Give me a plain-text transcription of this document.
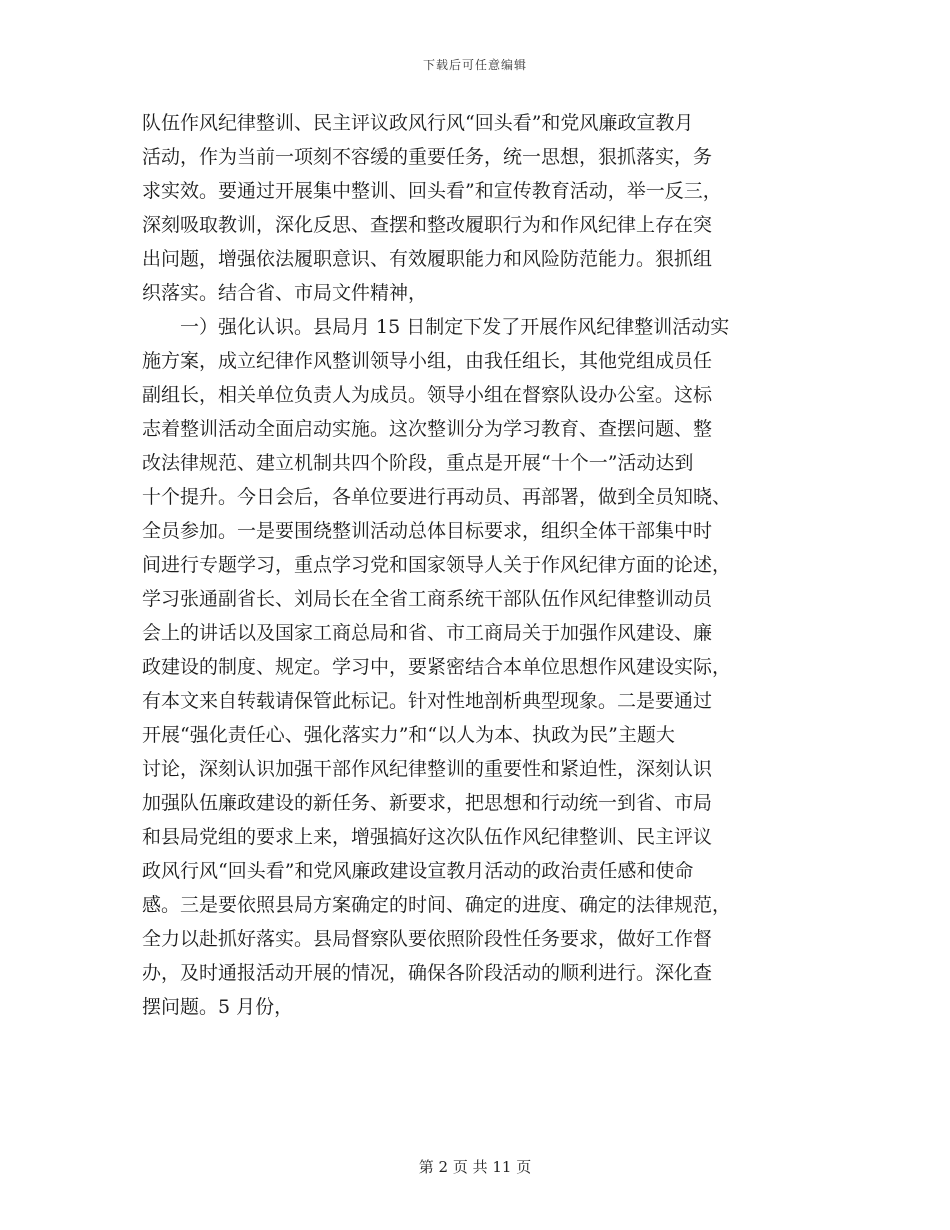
下载后可任意编辑
队伍作风纪律整训、民主评议政风行风“回头看”和党风廉政宣教月
活动，作为当前一项刻不容缓的重要任务，统一思想，狠抓落实，务
求实效。要通过开展集中整训、回头看”和宣传教育活动，举一反三，
深刻吸取教训，深化反思、查摆和整改履职行为和作风纪律上存在突
出问题，增强依法履职意识、有效履职能力和风险防范能力。狠抓组
织落实。结合省、市局文件精神，
　　一）强化认识。县局月 15 日制定下发了开展作风纪律整训活动实
施方案，成立纪律作风整训领导小组，由我任组长，其他党组成员任
副组长，相关单位负责人为成员。领导小组在督察队设办公室。这标
志着整训活动全面启动实施。这次整训分为学习教育、查摆问题、整
改法律规范、建立机制共四个阶段，重点是开展“十个一”活动达到
十个提升。今日会后，各单位要进行再动员、再部署，做到全员知晓、
全员参加。一是要围绕整训活动总体目标要求，组织全体干部集中时
间进行专题学习，重点学习党和国家领导人关于作风纪律方面的论述，
学习张通副省长、刘局长在全省工商系统干部队伍作风纪律整训动员
会上的讲话以及国家工商总局和省、市工商局关于加强作风建设、廉
政建设的制度、规定。学习中，要紧密结合本单位思想作风建设实际，
有本文来自转载请保管此标记。针对性地剖析典型现象。二是要通过
开展“强化责任心、强化落实力”和“以人为本、执政为民”主题大
讨论，深刻认识加强干部作风纪律整训的重要性和紧迫性，深刻认识
加强队伍廉政建设的新任务、新要求，把思想和行动统一到省、市局
和县局党组的要求上来，增强搞好这次队伍作风纪律整训、民主评议
政风行风“回头看”和党风廉政建设宣教月活动的政治责任感和使命
感。三是要依照县局方案确定的时间、确定的进度、确定的法律规范，
全力以赴抓好落实。县局督察队要依照阶段性任务要求，做好工作督
办，及时通报活动开展的情况，确保各阶段活动的顺利进行。深化查
摆问题。5 月份，
第 2 页 共 11 页
